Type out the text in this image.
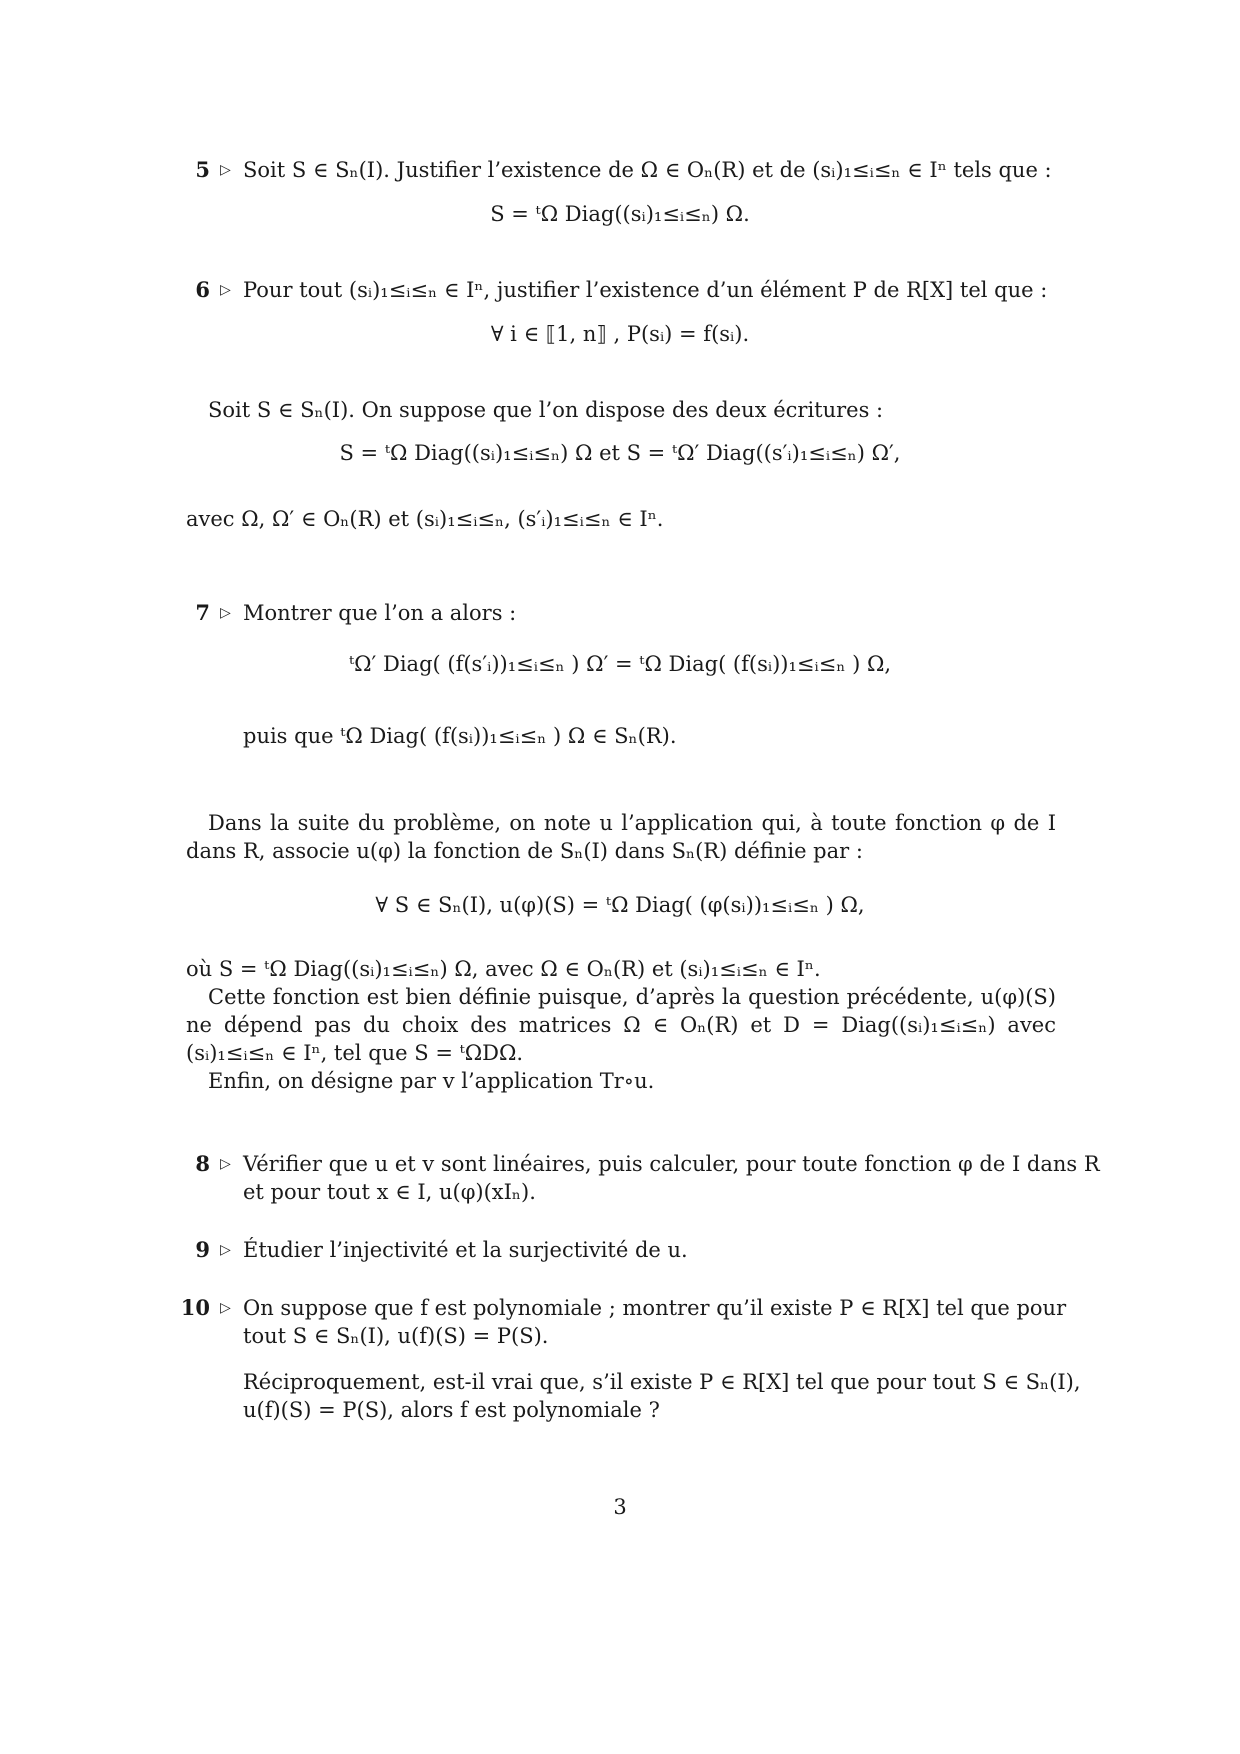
5 ▷ Soit S ∈ Sₙ(I). Justifier l’existence de Ω ∈ Oₙ(R) et de (sᵢ)₁≤ᵢ≤ₙ ∈ Iⁿ tels que :
S = ᵗΩ Diag((sᵢ)₁≤ᵢ≤ₙ) Ω.
6 ▷ Pour tout (sᵢ)₁≤ᵢ≤ₙ ∈ Iⁿ, justifier l’existence d’un élément P de R[X] tel que :
∀ i ∈ ⟦1, n⟧ , P(sᵢ) = f(sᵢ).
Soit S ∈ Sₙ(I). On suppose que l’on dispose des deux écritures :
S = ᵗΩ Diag((sᵢ)₁≤ᵢ≤ₙ) Ω et S = ᵗΩ′ Diag((s′ᵢ)₁≤ᵢ≤ₙ) Ω′,
avec Ω, Ω′ ∈ Oₙ(R) et (sᵢ)₁≤ᵢ≤ₙ, (s′ᵢ)₁≤ᵢ≤ₙ ∈ Iⁿ.
7 ▷ Montrer que l’on a alors :
ᵗΩ′ Diag( (f(s′ᵢ))₁≤ᵢ≤ₙ ) Ω′ = ᵗΩ Diag( (f(sᵢ))₁≤ᵢ≤ₙ ) Ω,
puis que ᵗΩ Diag( (f(sᵢ))₁≤ᵢ≤ₙ ) Ω ∈ Sₙ(R).
Dans la suite du problème, on note u l’application qui, à toute fonction φ de I dans R, associe u(φ) la fonction de Sₙ(I) dans Sₙ(R) définie par :
∀ S ∈ Sₙ(I), u(φ)(S) = ᵗΩ Diag( (φ(sᵢ))₁≤ᵢ≤ₙ ) Ω,
où S = ᵗΩ Diag((sᵢ)₁≤ᵢ≤ₙ) Ω, avec Ω ∈ Oₙ(R) et (sᵢ)₁≤ᵢ≤ₙ ∈ Iⁿ.
Cette fonction est bien définie puisque, d’après la question précédente, u(φ)(S) ne dépend pas du choix des matrices Ω ∈ Oₙ(R) et D = Diag((sᵢ)₁≤ᵢ≤ₙ) avec (sᵢ)₁≤ᵢ≤ₙ ∈ Iⁿ, tel que S = ᵗΩDΩ.
Enfin, on désigne par v l’application Tr∘u.
8 ▷ Vérifier que u et v sont linéaires, puis calculer, pour toute fonction φ de I dans R
et pour tout x ∈ I, u(φ)(xIₙ).
9 ▷ Étudier l’injectivité et la surjectivité de u.
10 ▷ On suppose que f est polynomiale ; montrer qu’il existe P ∈ R[X] tel que pour
tout S ∈ Sₙ(I), u(f)(S) = P(S).
Réciproquement, est-il vrai que, s’il existe P ∈ R[X] tel que pour tout S ∈ Sₙ(I),
u(f)(S) = P(S), alors f est polynomiale ?
3
